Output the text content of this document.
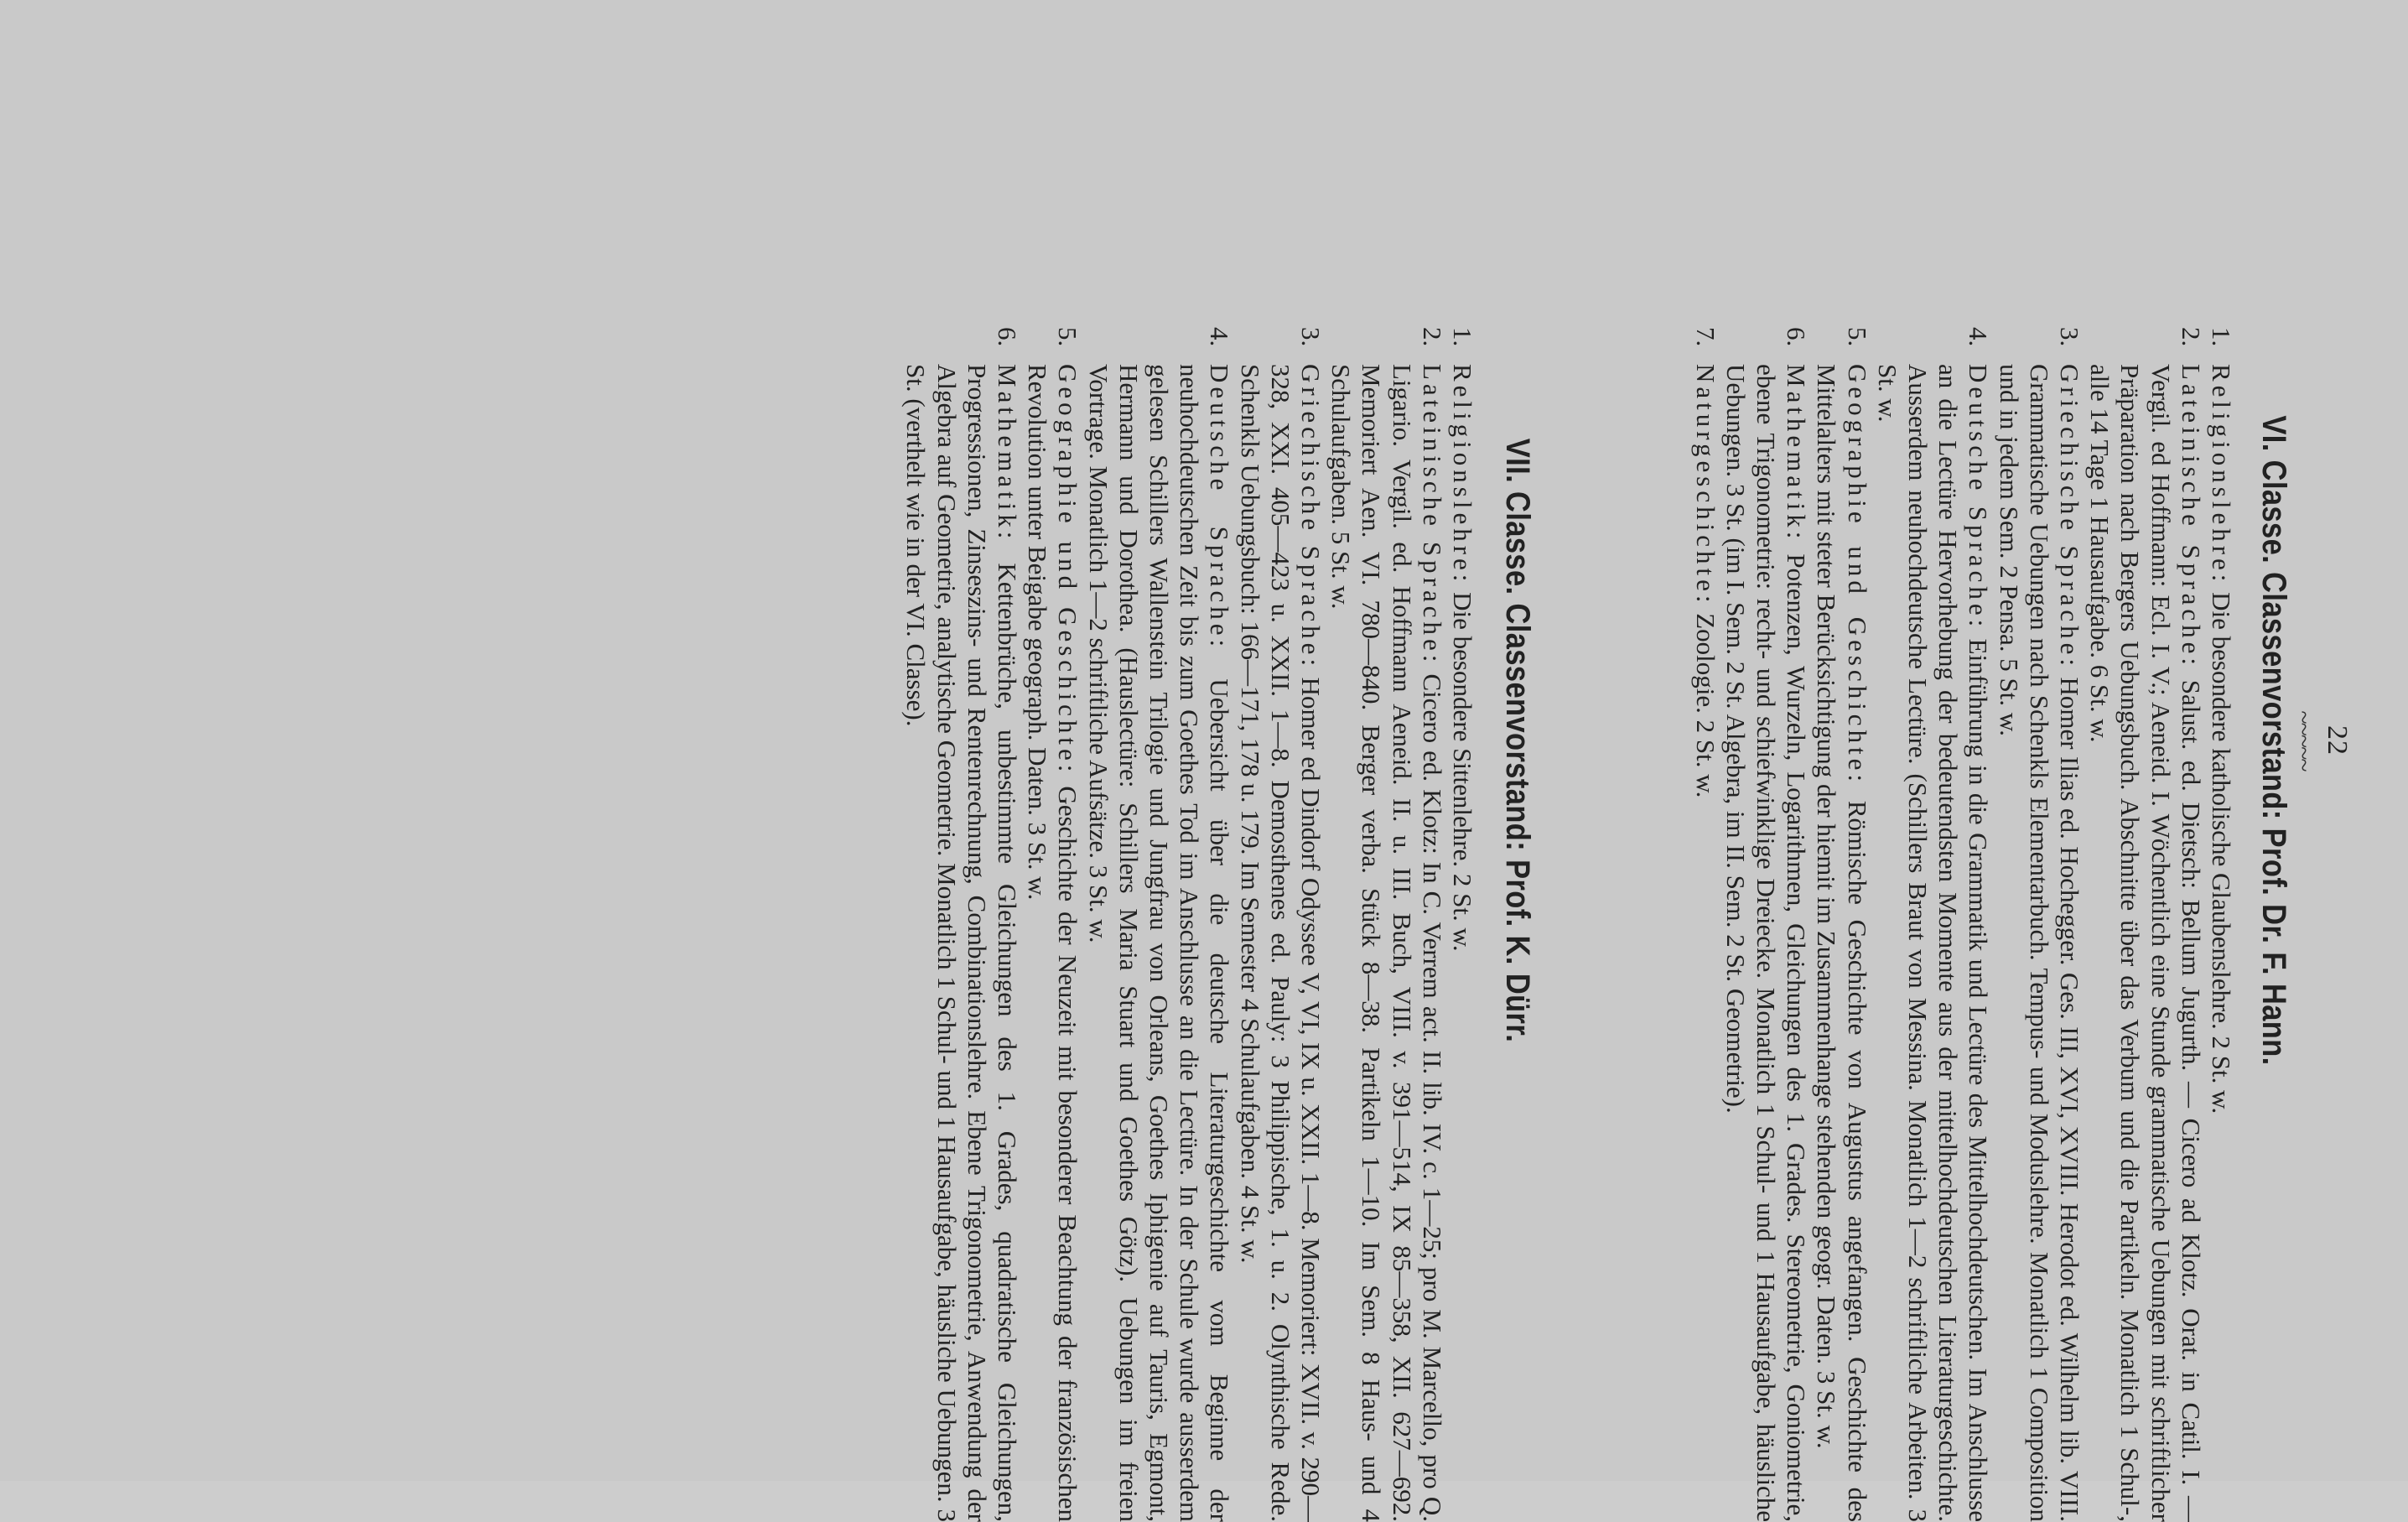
22
~~~~~
VI. Classe. Classenvorstand: Prof. Dr. F. Hann.
1.
Religionslehre: Die besondere katholische Glaubenslehre. 2 St. w.
2.
Lateinische Sprache: Salust. ed. Dietsch: Bellum Jugurth. — Cicero ad Klotz. Orat. in Catil. I. — Vergil. ed Hoffmann: Ecl. I. V.; Aeneid. I. Wöchentlich eine Stunde grammatische Uebungen mit schriftlicher Präparation nach Bergers Uebungsbuch. Abschnitte über das Verbum und die Partikeln. Monatlich 1 Schul-, alle 14 Tage 1 Hausaufgabe. 6 St. w.
3.
Griechische Sprache: Homer Ilias ed. Hochegger. Ges. III, XVI, XVIII. Herodot ed. Wilhelm lib. VIII. Grammatische Uebungen nach Schenkls Elementarbuch. Tempus- und Moduslehre. Monatlich 1 Composition und in jedem Sem. 2 Pensa. 5 St. w.
4.
Deutsche Sprache: Einführung in die Grammatik und Lectüre des Mittelhochdeutschen. Im Anschlusse an die Lectüre Hervorhebung der bedeutendsten Momente aus der mittelhochdeutschen Literaturgeschichte. Ausserdem neuhochdeutsche Lectüre. (Schillers Braut von Messina. Monatlich 1—2 schriftliche Arbeiten. 3 St. w.
5.
Geographie und Geschichte: Römische Geschichte von Augustus angefangen. Geschichte des Mittelalters mit steter Berücksichtigung der hiemit im Zusammenhange stehenden geogr. Daten. 3 St. w.
6.
Mathematik: Potenzen, Wurzeln, Logarithmen, Gleichungen des 1. Grades. Stereometrie, Goniometrie, ebene Trigonometrie: recht- und schiefwinklige Dreiecke. Monatlich 1 Schul- und 1 Hausaufgabe, häusliche Uebungen. 3 St. (im I. Sem. 2 St. Algebra, im II. Sem. 2 St. Geometrie).
7.
Naturgeschichte: Zoologie. 2 St. w.
VII. Classe. Classenvorstand: Prof. K. Dürr.
1.
Religionslehre: Die besondere Sittenlehre. 2 St. w.
2.
Lateinische Sprache: Cicero ed. Klotz: In C. Verrem act. II. lib. IV. c. 1—25; pro M. Marcello, pro Q. Ligario. Vergil. ed. Hoffmann Aeneid. II. u. III. Buch, VIII. v. 391—514, IX 85—358, XII. 627—692. Memoriert Aen. VI. 780—840. Berger verba. Stück 8—38. Partikeln 1—10. Im Sem. 8 Haus- und 4 Schulaufgaben. 5 St. w.
3.
Griechische Sprache: Homer ed Dindorf Odyssee V, VI, IX u. XXII. 1—8. Memoriert: XVII. v. 290—328, XXI. 405—423 u. XXII. 1—8. Demosthenes ed. Pauly: 3 Philippische, 1. u. 2. Olynthische Rede. Schenkls Uebungsbuch: 166—171, 178 u. 179. Im Semester 4 Schulaufgaben. 4 St. w.
4.
Deutsche Sprache: Uebersicht über die deutsche Literaturgeschichte vom Beginne der neuhochdeutschen Zeit bis zum Goethes Tod im Anschlusse an die Lectüre. In der Schule wurde ausserdem gelesen Schillers Wallenstein Trilogie und Jungfrau von Orleans, Goethes Iphigenie auf Tauris, Egmont, Hermann und Dorothea. (Hauslectüre: Schillers Maria Stuart und Goethes Götz). Uebungen im freien Vortrage. Monatlich 1—2 schriftliche Aufsätze. 3 St. w.
5.
Geographie und Geschichte: Geschichte der Neuzeit mit besonderer Beachtung der französischen Revolution unter Beigabe geograph. Daten. 3 St. w.
6.
Mathematik: Kettenbrüche, unbestimmte Gleichungen des 1. Grades, quadratische Gleichungen, Progressionen, Zinseszins- und Rentenrechnung, Combinationslehre. Ebene Trigonometrie, Anwendung der Algebra auf Geometrie, analytische Geometrie. Monatlich 1 Schul- und 1 Hausaufgabe, häusliche Uebungen. 3 St. (verthelt wie in der VI. Classe).
